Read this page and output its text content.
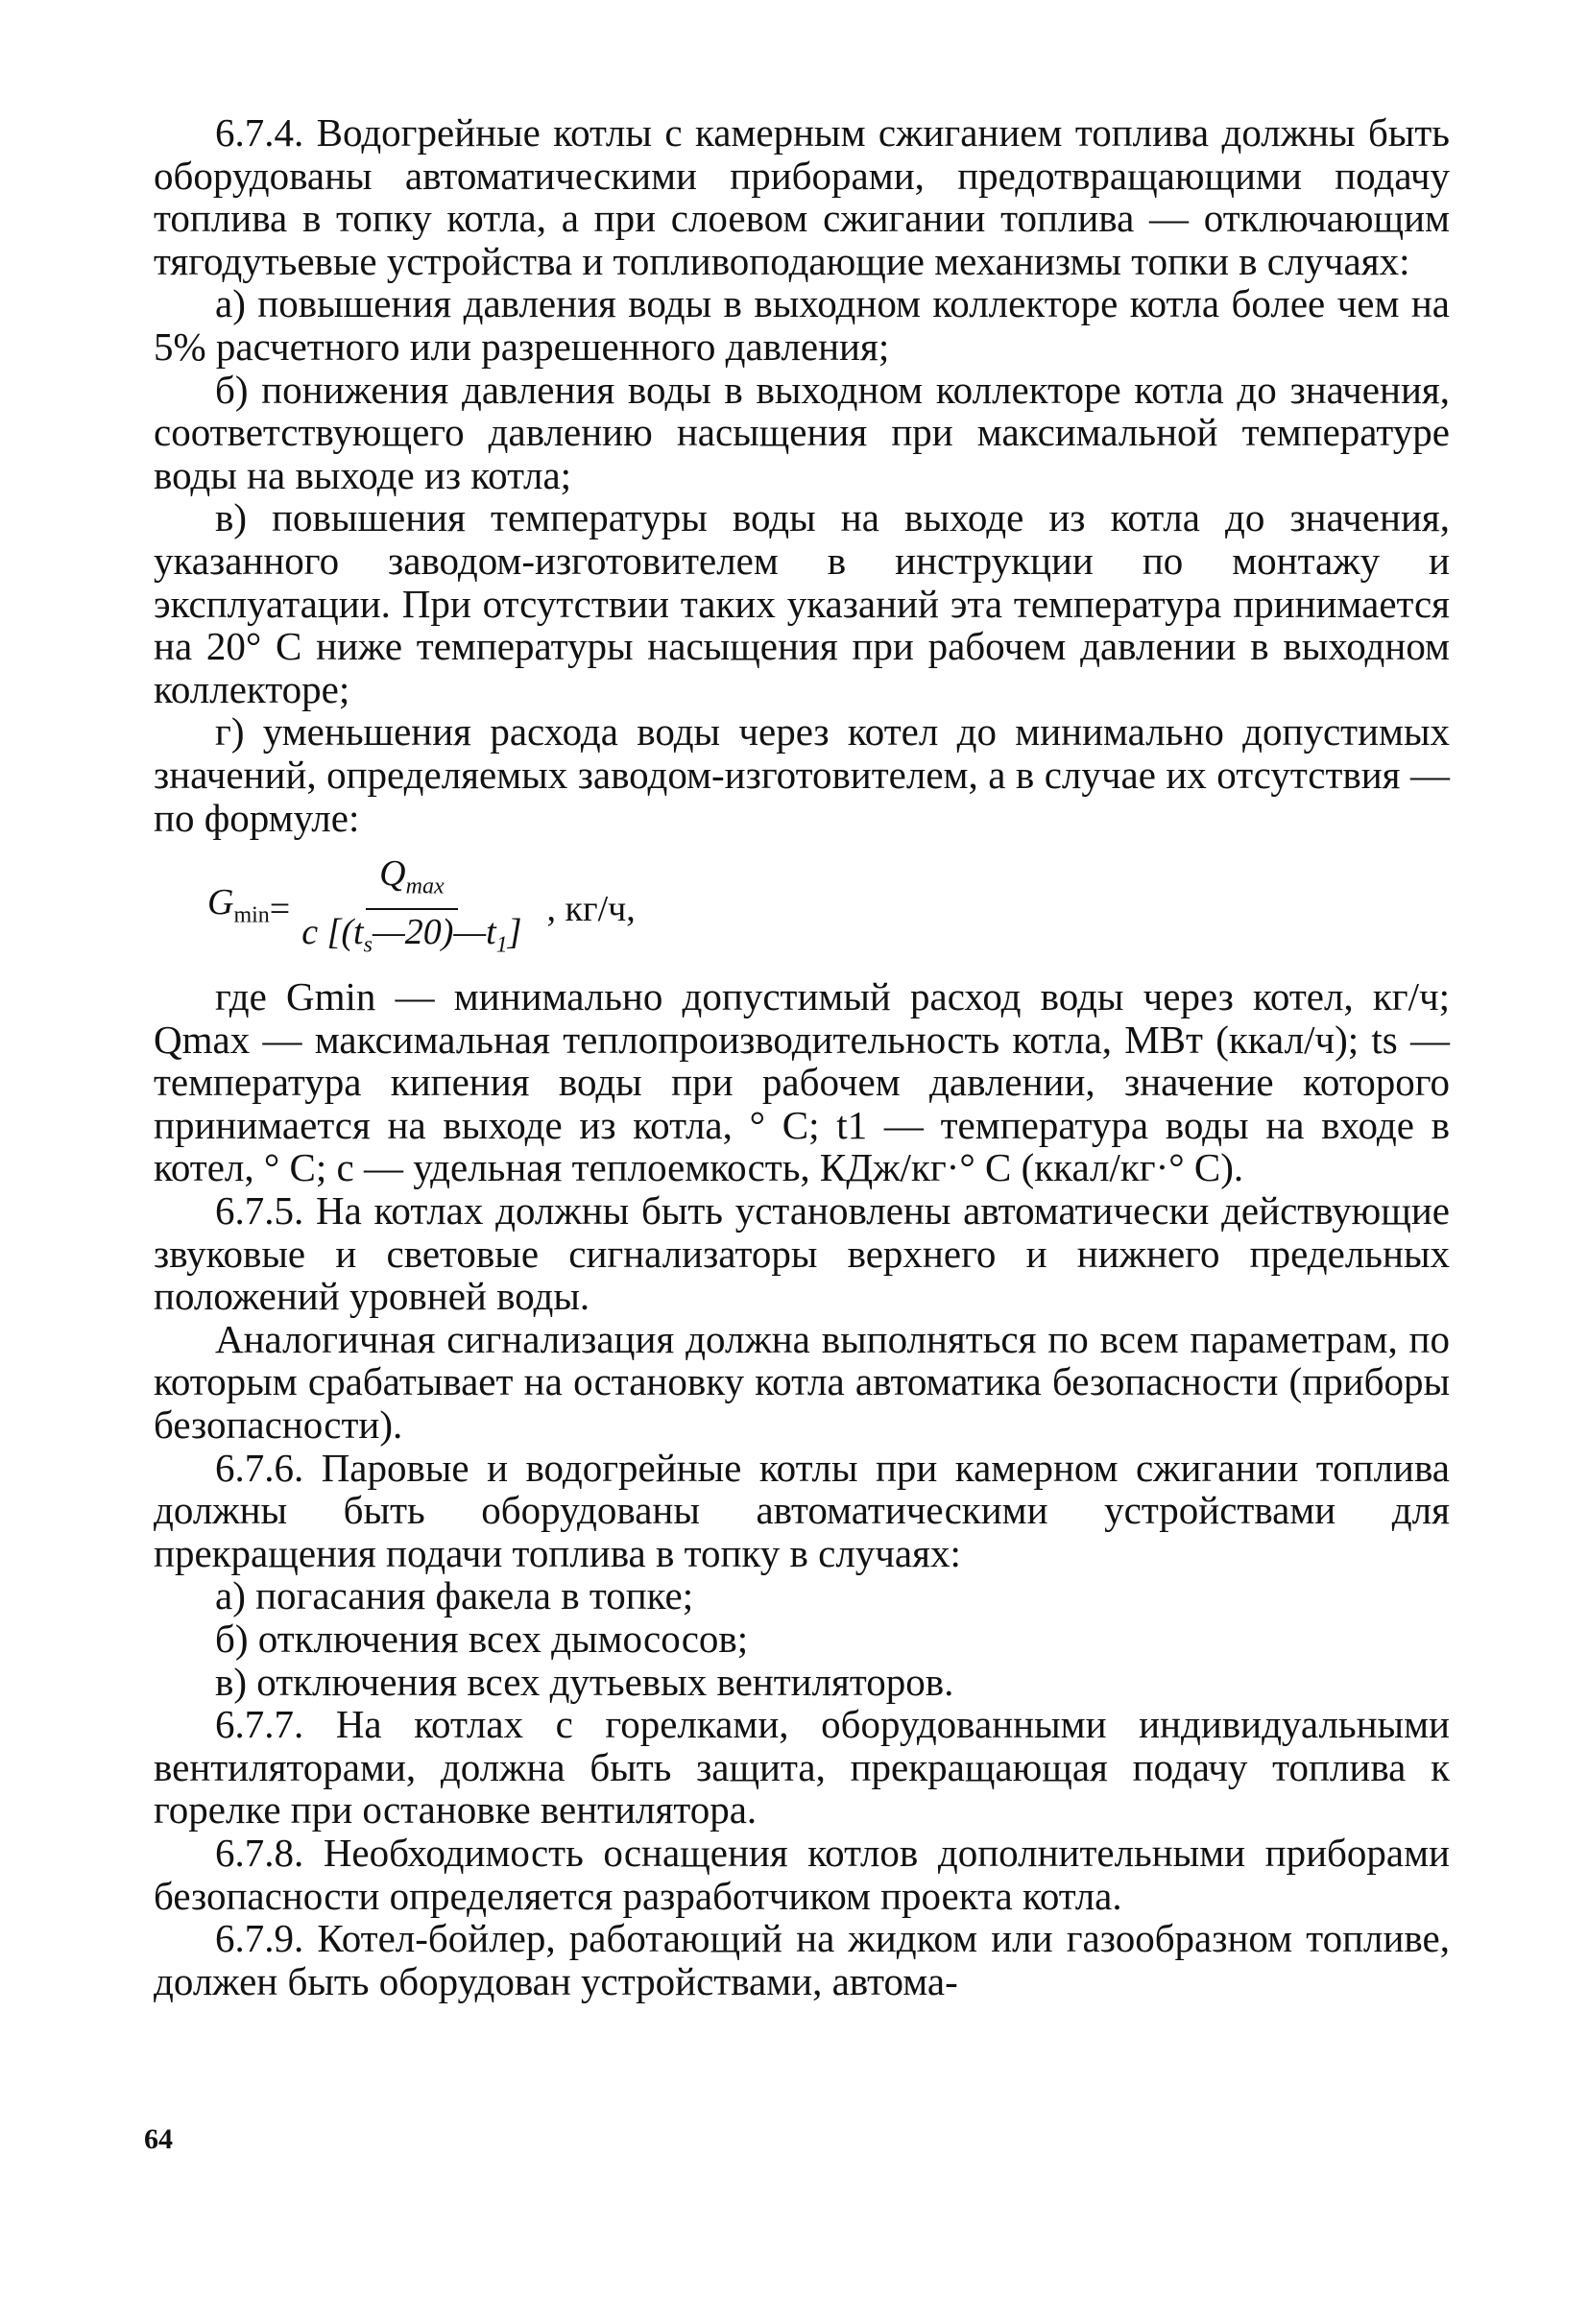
6.7.4. Водогрейные котлы с камерным сжиганием топлива должны быть оборудованы автоматическими приборами, предотвращающими подачу топлива в топку котла, а при слоевом сжигании топлива — отключающим тягодутьевые устройства и топливоподающие механизмы топки в случаях:

а) повышения давления воды в выходном коллекторе котла более чем на 5% расчетного или разрешенного давления;

б) понижения давления воды в выходном коллекторе котла до значения, соответствующего давлению насыщения при максимальной температуре воды на выходе из котла;

в) повышения температуры воды на выходе из котла до значения, указанного заводом-изготовителем в инструкции по монтажу и эксплуатации. При отсутствии таких указаний эта температура принимается на 20° С ниже температуры насыщения при рабочем давлении в выходном коллекторе;

г) уменьшения расхода воды через котел до минимально допустимых значений, определяемых заводом-изготовителем, а в случае их отсутствия — по формуле:

$G_{min} = \frac{Q_{max}}{c [(t_s—20)—t_1]}$ , кг/ч,

где Gmin — минимально допустимый расход воды через котел, кг/ч; Qmax — максимальная теплопроизводительность котла, МВт (ккал/ч); ts — температура кипения воды при рабочем давлении, значение которого принимается на выходе из котла, ° С; t1 — температура воды на входе в котел, ° С; с — удельная теплоемкость, КДж/кг·° С (ккал/кг·° С).

6.7.5. На котлах должны быть установлены автоматически действующие звуковые и световые сигнализаторы верхнего и нижнего предельных положений уровней воды.

Аналогичная сигнализация должна выполняться по всем параметрам, по которым срабатывает на остановку котла автоматика безопасности (приборы безопасности).

6.7.6. Паровые и водогрейные котлы при камерном сжигании топлива должны быть оборудованы автоматическими устройствами для прекращения подачи топлива в топку в случаях:

а) погасания факела в топке;

б) отключения всех дымососов;

в) отключения всех дутьевых вентиляторов.

6.7.7. На котлах с горелками, оборудованными индивидуальными вентиляторами, должна быть защита, прекращающая подачу топлива к горелке при остановке вентилятора.

6.7.8. Необходимость оснащения котлов дополнительными приборами безопасности определяется разработчиком проекта котла.

6.7.9. Котел-бойлер, работающий на жидком или газообразном топливе, должен быть оборудован устройствами, автома-

64
